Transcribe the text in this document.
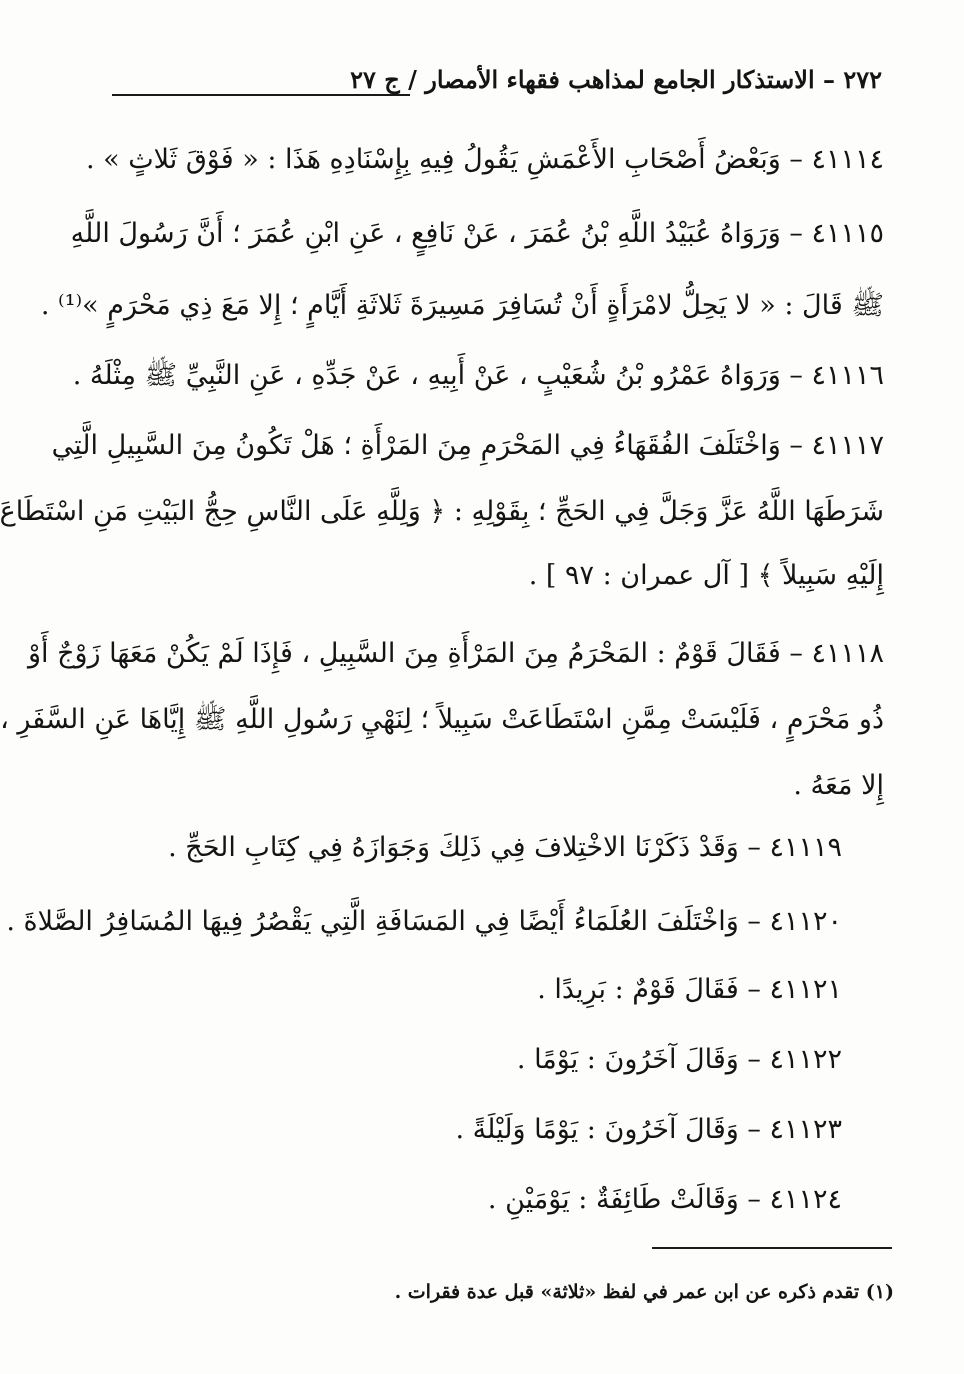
٢٧٢ – الاستذكار الجامع لمذاهب فقهاء الأمصار / ج ٢٧
٤١١١٤ – وَبَعْضُ أَصْحَابِ الأَعْمَشِ يَقُولُ فِيهِ بِإِسْنَادِهِ هَذَا : « فَوْقَ ثَلاثٍ » .
٤١١١٥ – وَرَوَاهُ عُبَيْدُ اللَّهِ بْنُ عُمَرَ ، عَنْ نَافِعٍ ، عَنِ ابْنِ عُمَرَ ؛ أَنَّ رَسُولَ اللَّهِ
ﷺ قَالَ : « لا يَحِلُّ لامْرَأَةٍ أَنْ تُسَافِرَ مَسِيرَةَ ثَلاثَةِ أَيَّامٍ ؛ إِلا مَعَ ذِي مَحْرَمٍ »⁽¹⁾ .
٤١١١٦ – وَرَوَاهُ عَمْرُو بْنُ شُعَيْبٍ ، عَنْ أَبِيهِ ، عَنْ جَدِّهِ ، عَنِ النَّبِيِّ ﷺ مِثْلَهُ .
٤١١١٧ – وَاخْتَلَفَ الفُقَهَاءُ فِي المَحْرَمِ مِنَ المَرْأَةِ ؛ هَلْ تَكُونُ مِنَ السَّبِيلِ الَّتِي
شَرَطَهَا اللَّهُ عَزَّ وَجَلَّ فِي الحَجِّ ؛ بِقَوْلِهِ : ﴿ وَلِلَّهِ عَلَى النَّاسِ حِجُّ البَيْتِ مَنِ اسْتَطَاعَ
إِلَيْهِ سَبِيلاً ﴾ [ آل عمران : ٩٧ ] .
٤١١١٨ – فَقَالَ قَوْمٌ : المَحْرَمُ مِنَ المَرْأَةِ مِنَ السَّبِيلِ ، فَإِذَا لَمْ يَكُنْ مَعَهَا زَوْجٌ أَوْ
ذُو مَحْرَمٍ ، فَلَيْسَتْ مِمَّنِ اسْتَطَاعَتْ سَبِيلاً ؛ لِنَهْيِ رَسُولِ اللَّهِ ﷺ إِيَّاهَا عَنِ السَّفَرِ ،
إِلا مَعَهُ .
٤١١١٩ – وَقَدْ ذَكَرْنَا الاخْتِلافَ فِي ذَلِكَ وَجَوَازَهُ فِي كِتَابِ الحَجِّ .
٤١١٢٠ – وَاخْتَلَفَ العُلَمَاءُ أَيْضًا فِي المَسَافَةِ الَّتِي يَقْصُرُ فِيهَا المُسَافِرُ الصَّلاةَ .
٤١١٢١ – فَقَالَ قَوْمٌ : بَرِيدًا .
٤١١٢٢ – وَقَالَ آخَرُونَ : يَوْمًا .
٤١١٢٣ – وَقَالَ آخَرُونَ : يَوْمًا وَلَيْلَةً .
٤١١٢٤ – وَقَالَتْ طَائِفَةٌ : يَوْمَيْنِ .
(١) تقدم ذكره عن ابن عمر في لفظ «ثلاثة» قبل عدة فقرات .
